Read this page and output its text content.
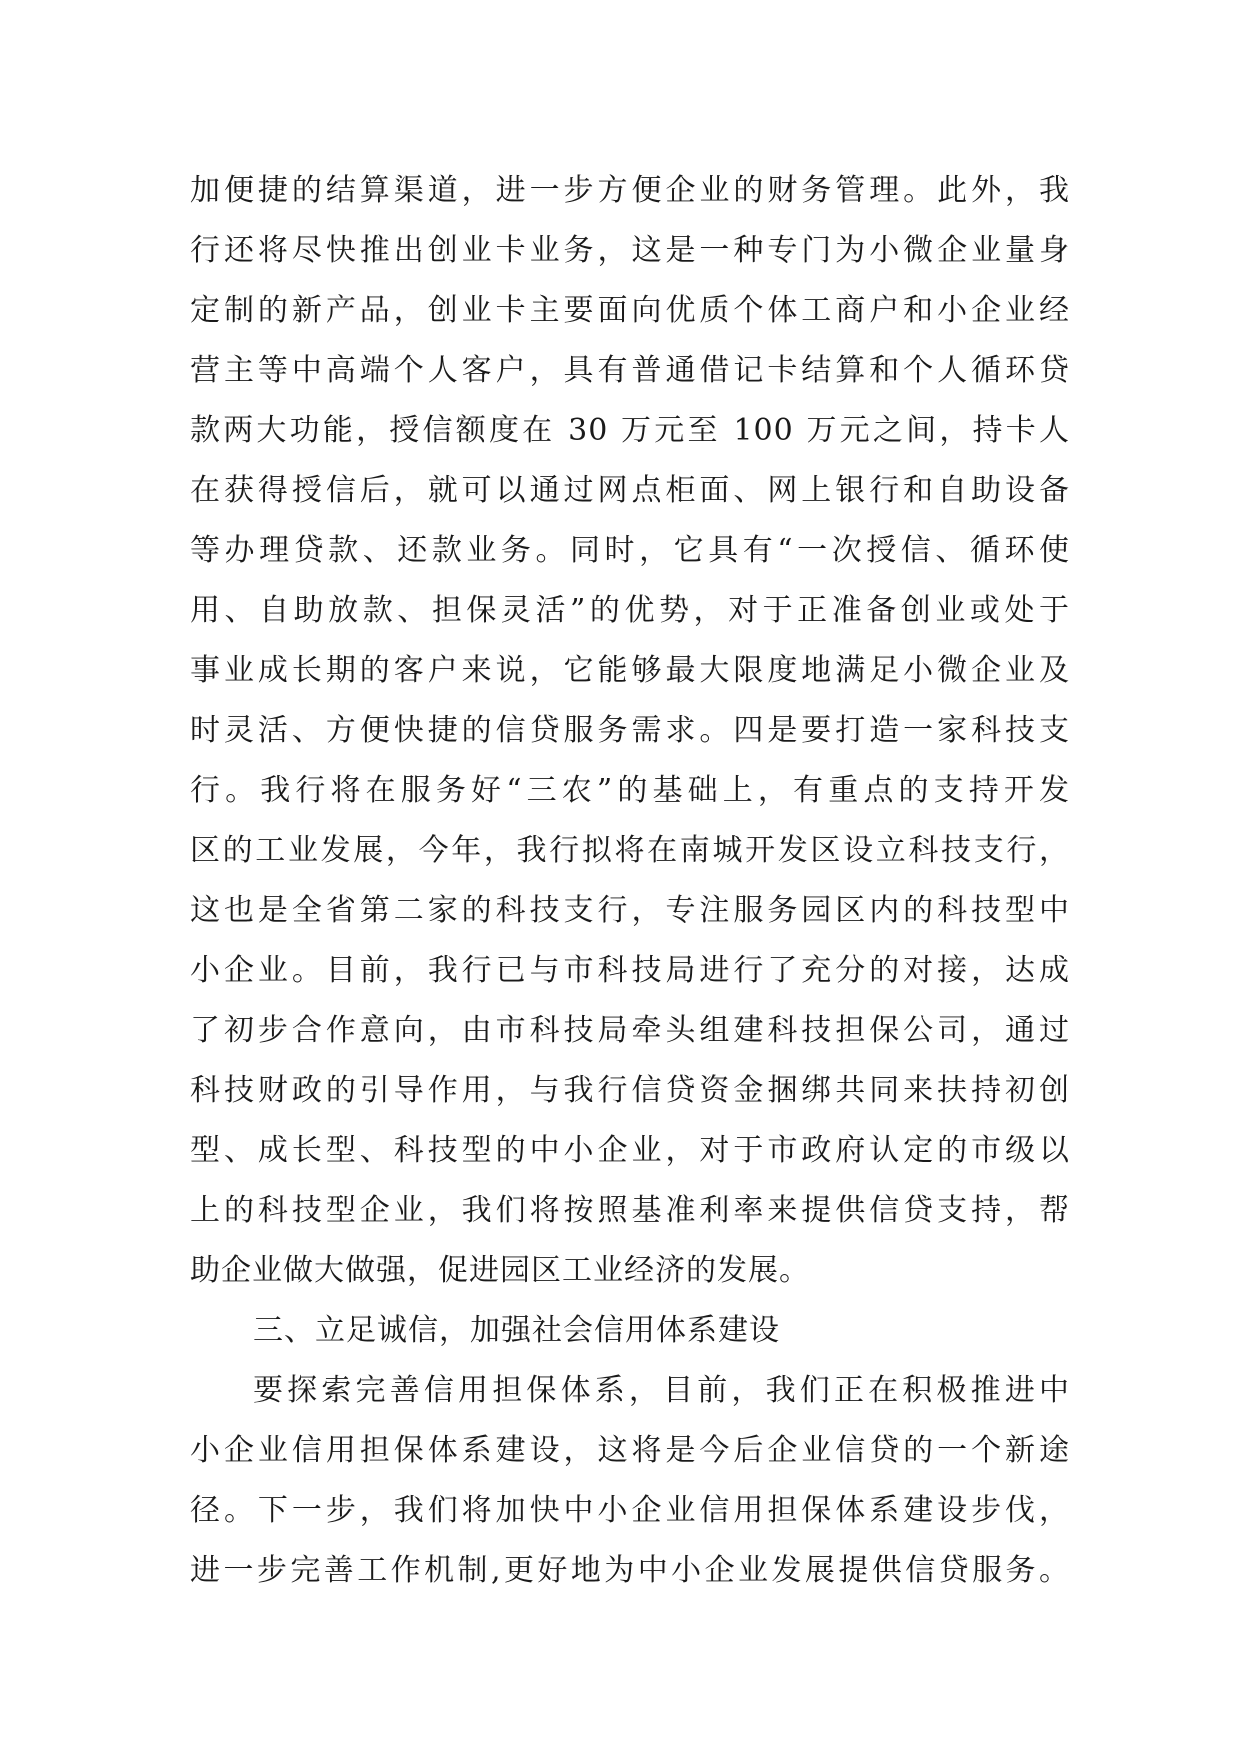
加便捷的结算渠道，进一步方便企业的财务管理。此外，我
行还将尽快推出创业卡业务，这是一种专门为小微企业量身
定制的新产品，创业卡主要面向优质个体工商户和小企业经
营主等中高端个人客户，具有普通借记卡结算和个人循环贷
款两大功能，授信额度在 30 万元至 100 万元之间，持卡人
在获得授信后，就可以通过网点柜面、网上银行和自助设备
等办理贷款、还款业务。同时，它具有“一次授信、循环使
用、自助放款、担保灵活”的优势，对于正准备创业或处于
事业成长期的客户来说，它能够最大限度地满足小微企业及
时灵活、方便快捷的信贷服务需求。四是要打造一家科技支
行。我行将在服务好“三农”的基础上，有重点的支持开发
区的工业发展，今年，我行拟将在南城开发区设立科技支行，
这也是全省第二家的科技支行，专注服务园区内的科技型中
小企业。目前，我行已与市科技局进行了充分的对接，达成
了初步合作意向，由市科技局牵头组建科技担保公司，通过
科技财政的引导作用，与我行信贷资金捆绑共同来扶持初创
型、成长型、科技型的中小企业，对于市政府认定的市级以
上的科技型企业，我们将按照基准利率来提供信贷支持，帮
助企业做大做强，促进园区工业经济的发展。
三、立足诚信，加强社会信用体系建设
要探索完善信用担保体系，目前，我们正在积极推进中
小企业信用担保体系建设，这将是今后企业信贷的一个新途
径。下一步，我们将加快中小企业信用担保体系建设步伐，
进一步完善工作机制,更好地为中小企业发展提供信贷服务。
